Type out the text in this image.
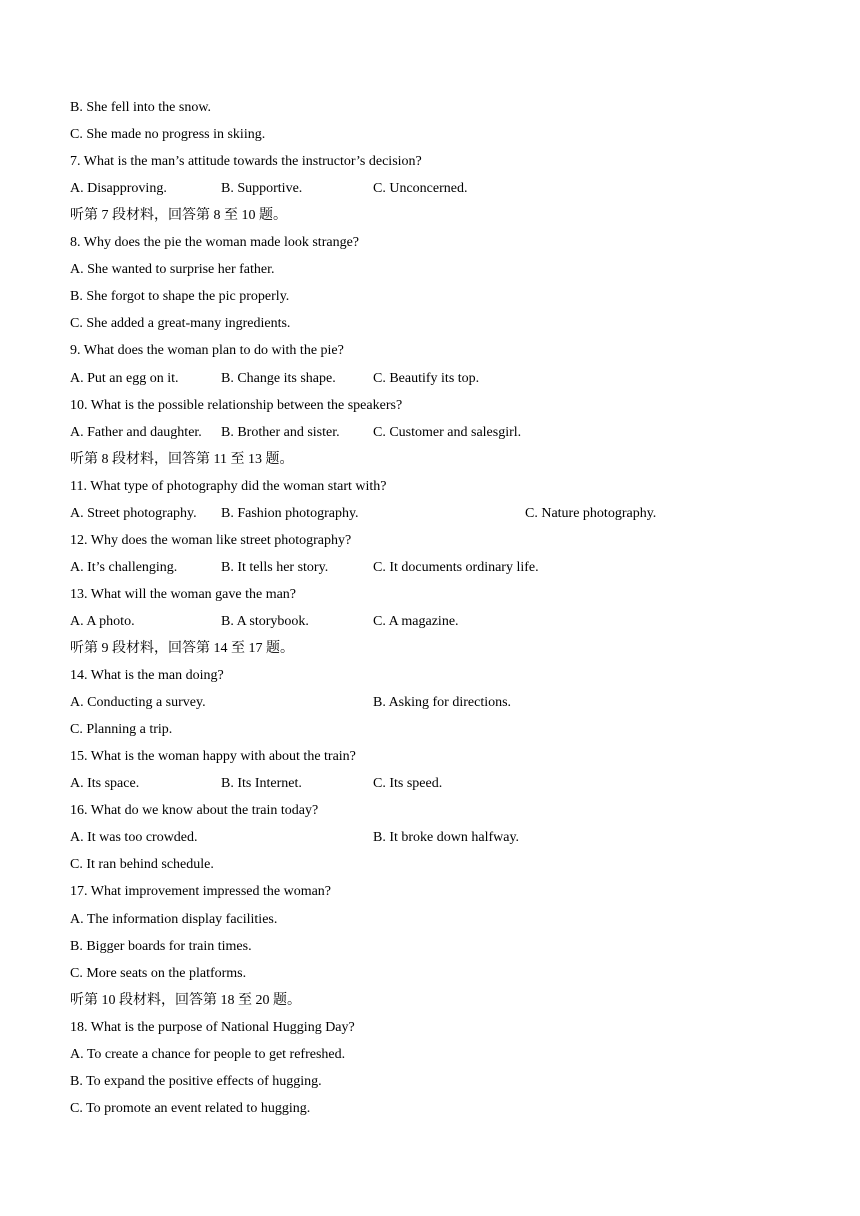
B. She fell into the snow.
C. She made no progress in skiing.
7. What is the man’s attitude towards the instructor’s decision?
A. Disapproving.	B. Supportive.	C. Unconcerned.
听第 7 段材料，回答第 8 至 10 题。
8. Why does the pie the woman made look strange?
A. She wanted to surprise her father.
B. She forgot to shape the pic properly.
C. She added a great-many ingredients.
9. What does the woman plan to do with the pie?
A. Put an egg on it.	B. Change its shape.	C. Beautify its top.
10. What is the possible relationship between the speakers?
A. Father and daughter. B. Brother and sister. C. Customer and salesgirl.
听第 8 段材料，回答第 11 至 13 题。
11. What type of photography did the woman start with?
A. Street photography. B. Fashion photography.	C. Nature photography.
12. Why does the woman like street photography?
A. It’s challenging.	B. It tells her story.	C. It documents ordinary life.
13. What will the woman gave the man?
A. A photo.	B. A storybook.	C. A magazine.
听第 9 段材料，回答第 14 至 17 题。
14. What is the man doing?
A. Conducting a survey.	B. Asking for directions.
C. Planning a trip.
15. What is the woman happy with about the train?
A. Its space.	B. Its Internet.	C. Its speed.
16. What do we know about the train today?
A. It was too crowded.	B. It broke down halfway.
C. It ran behind schedule.
17. What improvement impressed the woman?
A. The information display facilities.
B. Bigger boards for train times.
C. More seats on the platforms.
听第 10 段材料，回答第 18 至 20 题。
18. What is the purpose of National Hugging Day?
A. To create a chance for people to get refreshed.
B. To expand the positive effects of hugging.
C. To promote an event related to hugging.
